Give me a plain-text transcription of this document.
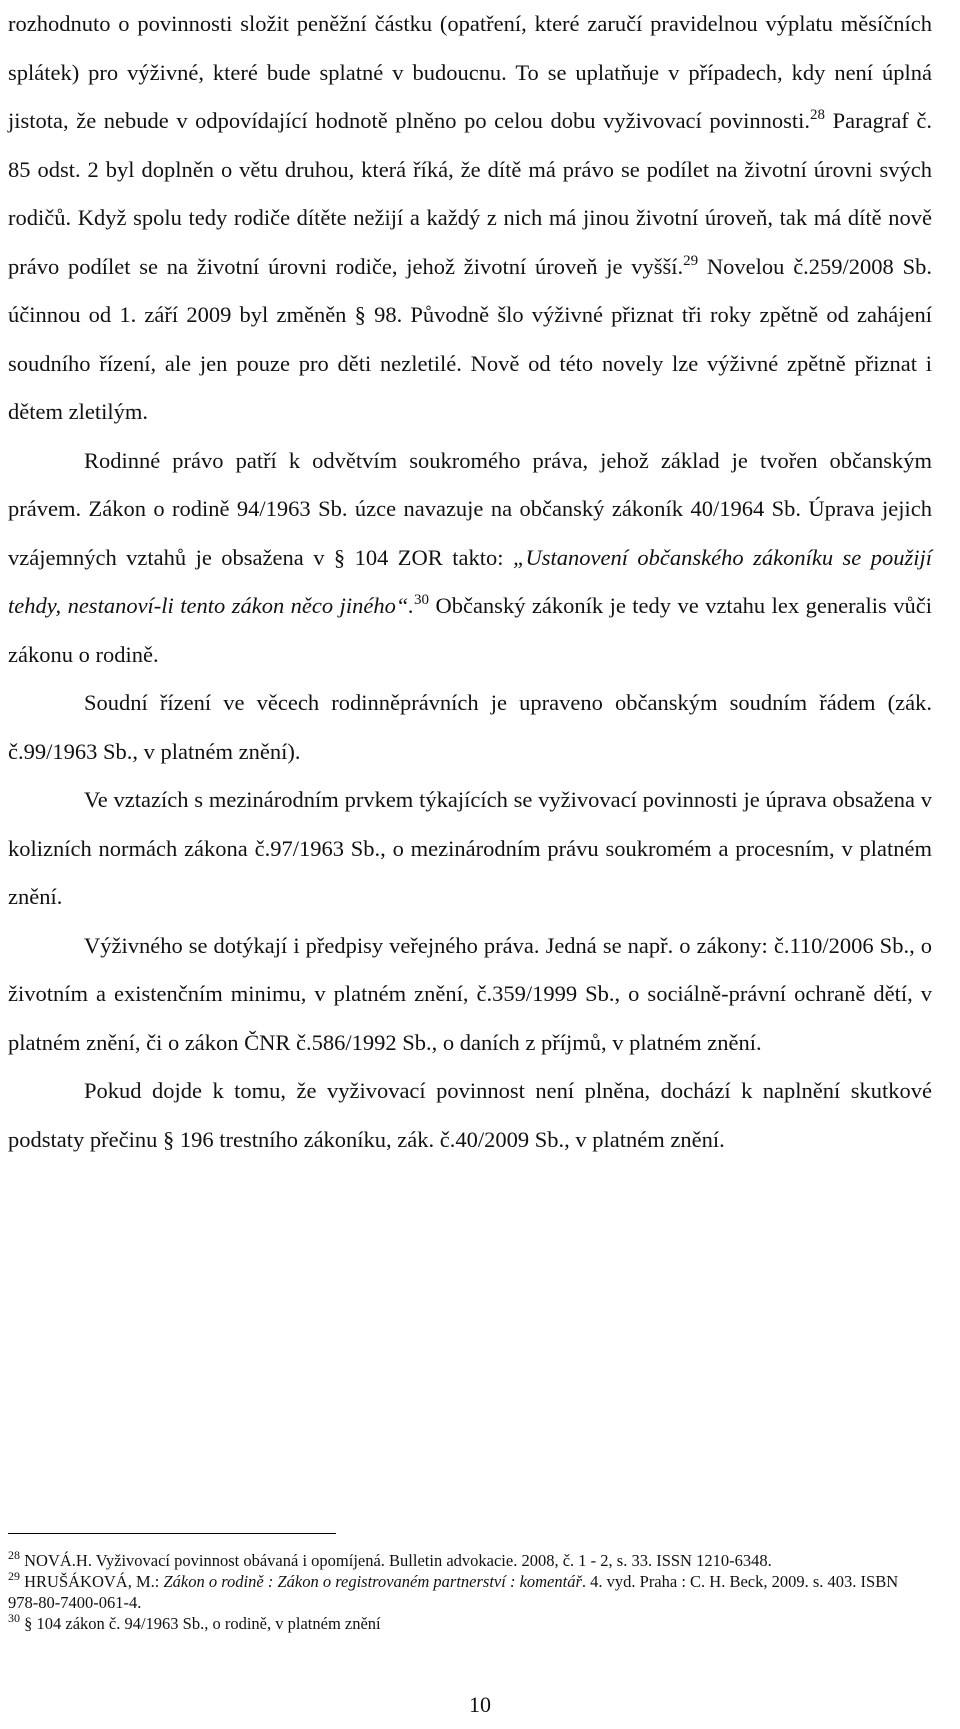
rozhodnuto o povinnosti složit peněžní částku (opatření, které zaručí pravidelnou výplatu měsíčních splátek) pro výživné, které bude splatné v budoucnu. To se uplatňuje v případech, kdy není úplná jistota, že nebude v odpovídající hodnotě plněno po celou dobu vyživovací povinnosti.$^{28}$ Paragraf č. 85 odst. 2 byl doplněn o větu druhou, která říká, že dítě má právo se podílet na životní úrovni svých rodičů. Když spolu tedy rodiče dítěte nežijí a každý z nich má jinou životní úroveň, tak má dítě nově právo podílet se na životní úrovni rodiče, jehož životní úroveň je vyšší.$^{29}$ Novelou č.259/2008 Sb. účinnou od 1. září 2009 byl změněn § 98. Původně šlo výživné přiznat tři roky zpětně od zahájení soudního řízení, ale jen pouze pro děti nezletilé. Nově od této novely lze výživné zpětně přiznat i dětem zletilým.

Rodinné právo patří k odvětvím soukromého práva, jehož základ je tvořen občanským právem. Zákon o rodině 94/1963 Sb. úzce navazuje na občanský zákoník 40/1964 Sb. Úprava jejich vzájemných vztahů je obsažena v § 104 ZOR takto: „Ustanovení občanského zákoníku se použijí tehdy, nestanoví-li tento zákon něco jiného“.$^{30}$ Občanský zákoník je tedy ve vztahu lex generalis vůči zákonu o rodině.

Soudní řízení ve věcech rodinněprávních je upraveno občanským soudním řádem (zák. č.99/1963 Sb., v platném znění).

Ve vztazích s mezinárodním prvkem týkajících se vyživovací povinnosti je úprava obsažena v kolizních normách zákona č.97/1963 Sb., o mezinárodním právu soukromém a procesním, v platném znění.

Výživného se dotýkají i předpisy veřejného práva. Jedná se např. o zákony: č.110/2006 Sb., o životním a existenčním minimu, v platném znění, č.359/1999 Sb., o sociálně-právní ochraně dětí, v platném znění, či o zákon ČNR č.586/1992 Sb., o daních z příjmů, v platném znění.

Pokud dojde k tomu, že vyživovací povinnost není plněna, dochází k naplnění skutkové podstaty přečinu § 196 trestního zákoníku, zák. č.40/2009 Sb., v platném znění.

$^{28}$ NOVÁ.H. Vyživovací povinnost obávaná i opomíjená. Bulletin advokacie. 2008, č. 1 - 2, s. 33. ISSN 1210-6348.

$^{29}$ HRUŠÁKOVÁ, M.: Zákon o rodině : Zákon o registrovaném partnerství : komentář. 4. vyd. Praha : C. H. Beck, 2009. s. 403. ISBN 978-80-7400-061-4.

$^{30}$ § 104 zákon č. 94/1963 Sb., o rodině, v platném znění

10
